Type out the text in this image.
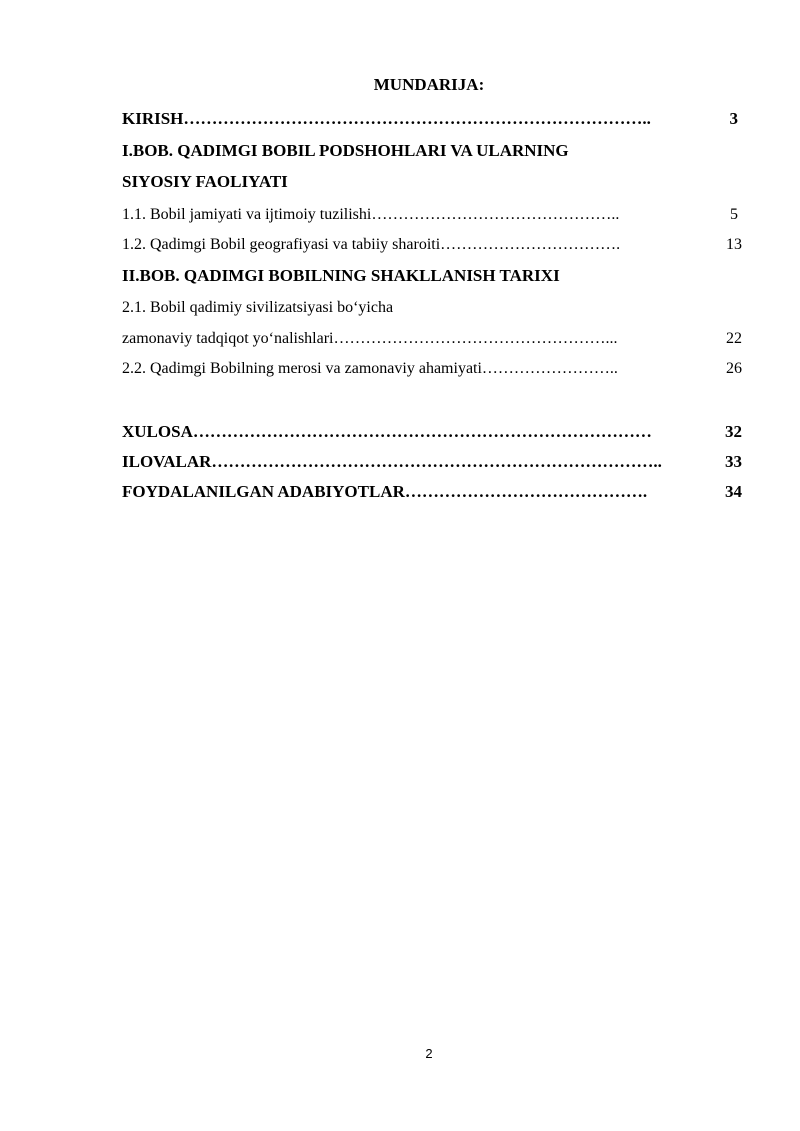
MUNDARIJA:
KIRISH………………………………………………………………………..	3
I.BOB. QADIMGI BOBIL PODSHOHLARI VA ULARNING
SIYOSIY FAOLIYATI
1.1. Bobil jamiyati va ijtimoiy tuzilishi………………………………………..	5
1.2. Qadimgi Bobil geografiyasi va tabiiy sharoiti…………………………….	13
II.BOB. QADIMGI BOBILNING SHAKLLANISH TARIXI
2.1. Bobil qadimiy sivilizatsiyasi bo‘yicha
zamonaviy tadqiqot yo‘nalishlari……………………………………………...	22
2.2. Qadimgi Bobilning merosi va zamonaviy ahamiyati……………………..	26
XULOSA………………………………………………………………………	32
ILOVALAR……………………………………………………………………..	33
FOYDALANILGAN ADABIYOTLAR…………………………………….	34
2
